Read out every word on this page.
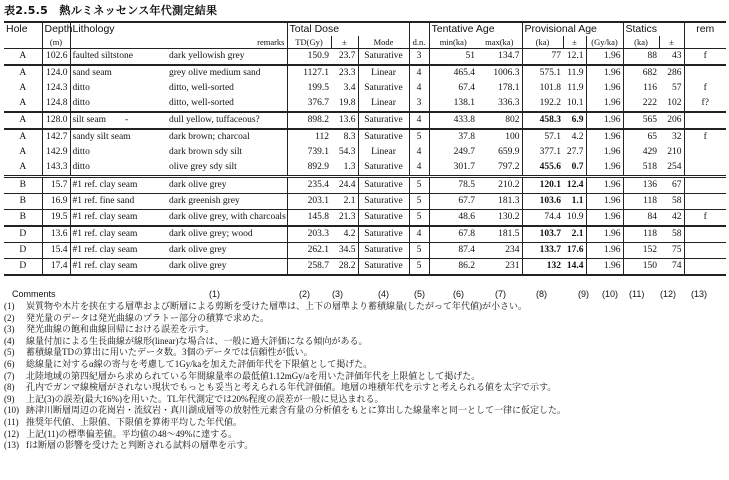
表2.5.5　熱ルミネッセンス年代測定結果
Hole	Depth	Lithology		Total Dose				Tentative Age		Provisional Age			Statics		rem
	(m)		remarks	TD(Gy)	±	Mode	d.n.	min(ka)	max(ka)	(ka)	±	(Gy/ka)	(ka)	±	
A	102.6	faulted siltstone	dark yellowish grey	150.9	23.7	Saturative	3	51	134.7	77	12.1	1.96	88	43	f
A	124.0	sand seam	grey olive medium sand	1127.1	23.3	Linear	4	465.4	1006.3	575.1	11.9	1.96	682	286	
A	124.3	ditto	ditto, well-sorted	199.5	3.4	Saturative	4	67.4	178.1	101.8	11.9	1.96	116	57	f
A	124.8	ditto	ditto, well-sorted	376.7	19.8	Linear	3	138.1	336.3	192.2	10.1	1.96	222	102	f?
A	128.0	silt seam　　-	dull yellow, tuffaceous?	898.2	13.6	Saturative	4	433.8	802	458.3	6.9	1.96	565	206	
A	142.7	sandy silt seam	dark brown; charcoal	112	8.3	Saturative	5	37.8	100	57.1	4.2	1.96	65	32	f
A	142.9	ditto	dark brown sdy silt	739.1	54.3	Linear	4	249.7	659.9	377.1	27.7	1.96	429	210	
A	143.3	ditto	olive grey sdy silt	892.9	1.3	Saturative	4	301.7	797.2	455.6	0.7	1.96	518	254	
B	15.7	#1 ref. clay seam	dark olive grey	235.4	24.4	Saturative	5	78.5	210.2	120.1	12.4	1.96	136	67	
B	16.9	#1 ref. fine sand	dark greenish grey	203.1	2.1	Saturative	5	67.7	181.3	103.6	1.1	1.96	118	58	
B	19.5	#1 ref. clay seam	dark olive grey, with charcoals	145.8	21.3	Saturative	5	48.6	130.2	74.4	10.9	1.96	84	42	f
D	13.6	#1 ref. clay seam	dark olive grey; wood	203.3	4.2	Saturative	4	67.8	181.5	103.7	2.1	1.96	118	58	
D	15.4	#1 ref. clay seam	dark olive grey	262.1	34.5	Saturative	5	87.4	234	133.7	17.6	1.96	152	75	
D	17.4	#1 ref. clay seam	dark olive grey	258.7	28.2	Saturative	5	86.2	231	132	14.4	1.96	150	74	
Comments	(1)	(2) (3)	(4)	(5)	(6)	(7)	(8)	(9) (10) (11) (12) (13)
(1)	炭質物や木片を挟在する層準および断層による剪断を受けた層準は、上下の層準より蓄積線量(したがって年代値)が小さい。
(2)	発光量のデータは発光曲線のプラトー部分の積算で求めた。
(3)	発光曲線の飽和曲線回帰における誤差を示す。
(4)	線量付加による生長曲線が線形(linear)な場合は、一般に過大評価になる傾向がある。
(5)	蓄積線量TDの算出に用いたデータ数。3個のデータでは信頼性が低い。
(6)	総線量に対するα線の寄与を考慮して1Gy/kaを加えた評価年代を下限値として掲げた。
(7)	北陸地域の第四紀層から求められている年間線量率の最低値1.12mGy/aを用いた評価年代を上限値として掲げた。
(8)	孔内でガンマ線検層がされない現状でもっとも妥当と考えられる年代評価値。地層の堆積年代を示すと考えられる値を太字で示す。
(9)	上記(3)の誤差(最大16%)を用いた。TL年代測定では20%程度の誤差が一般に見込まれる。
(10) 跡津川断層周辺の花崗岩・流紋岩・真川湖成層等の放射性元素含有量の分析値をもとに算出した線量率と同一として一律に仮定した。
(11) 推奨年代値、上限値、下限値を算術平均した年代値。
(12) 上記(11)の標準偏差値。平均値の48〜49%に達する。
(13) fは断層の影響を受けたと判断される試料の層準を示す。
